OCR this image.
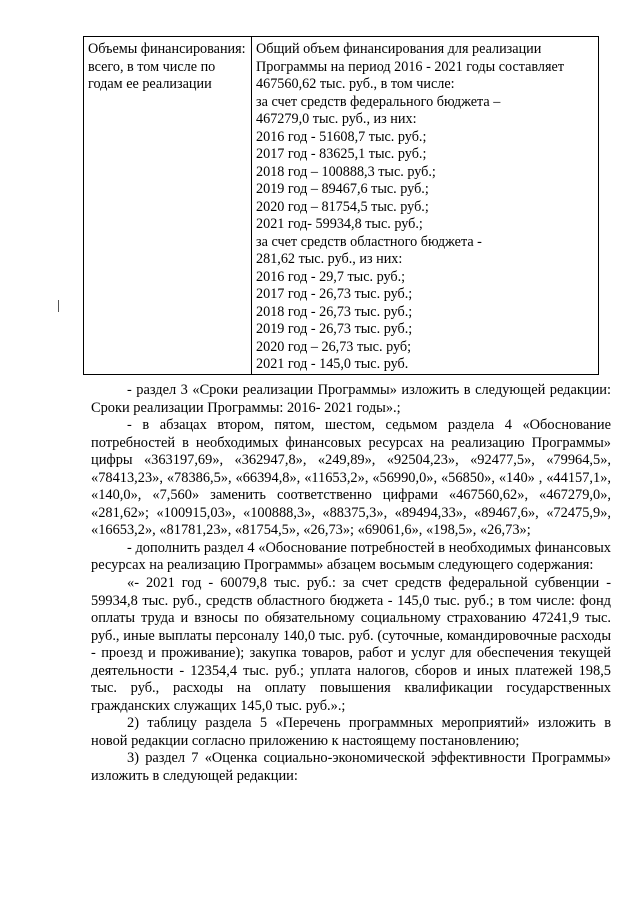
Объемы финансирования: всего, в том числе по годам ее реализации
Общий объем финансирования для реализации
Программы на период 2016 - 2021 годы составляет
467560,62 тыс. руб., в том числе:
за счет средств федерального бюджета –
467279,0 тыс. руб., из них:
2016 год - 51608,7 тыс. руб.;
2017 год - 83625,1 тыс. руб.;
2018 год – 100888,3 тыс. руб.;
2019 год – 89467,6 тыс. руб.;
2020 год – 81754,5 тыс. руб.;
2021 год- 59934,8 тыс. руб.;
за счет средств областного бюджета -
281,62 тыс. руб., из них:
2016 год - 29,7 тыс. руб.;
2017 год - 26,73 тыс. руб.;
2018 год - 26,73 тыс. руб.;
2019 год - 26,73 тыс. руб.;
2020 год – 26,73 тыс. руб;
2021 год - 145,0 тыс. руб.

- раздел 3 «Сроки реализации Программы» изложить в следующей редакции: Сроки реализации Программы: 2016- 2021 годы».;

- в абзацах втором, пятом, шестом, седьмом раздела 4 «Обоснование потребностей в необходимых финансовых ресурсах на реализацию Программы» цифры «363197,69», «362947,8», «249,89», «92504,23», «92477,5», «79964,5», «78413,23», «78386,5», «66394,8», «11653,2», «56990,0», «56850», «140» , «44157,1», «140,0», «7,560» заменить соответственно цифрами «467560,62», «467279,0», «281,62»; «100915,03», «100888,3», «88375,3», «89494,33», «89467,6», «72475,9», «16653,2», «81781,23», «81754,5», «26,73»; «69061,6», «198,5», «26,73»;

- дополнить раздел 4 «Обоснование потребностей в необходимых финансовых ресурсах на реализацию Программы» абзацем восьмым следующего содержания:

«- 2021 год - 60079,8 тыс. руб.: за счет средств федеральной субвенции - 59934,8 тыс. руб., средств областного бюджета - 145,0 тыс. руб.; в том числе: фонд оплаты труда и взносы по обязательному социальному страхованию 47241,9 тыс. руб., иные выплаты персоналу 140,0 тыс. руб. (суточные, командировочные расходы - проезд и проживание); закупка товаров, работ и услуг для обеспечения текущей деятельности - 12354,4 тыс. руб.; уплата налогов, сборов и иных платежей 198,5 тыс. руб., расходы на оплату повышения квалификации государственных гражданских служащих 145,0 тыс. руб.».;

2) таблицу раздела 5 «Перечень программных мероприятий» изложить в новой редакции согласно приложению к настоящему постановлению;

3) раздел 7 «Оценка социально-экономической эффективности Программы» изложить в следующей редакции:
